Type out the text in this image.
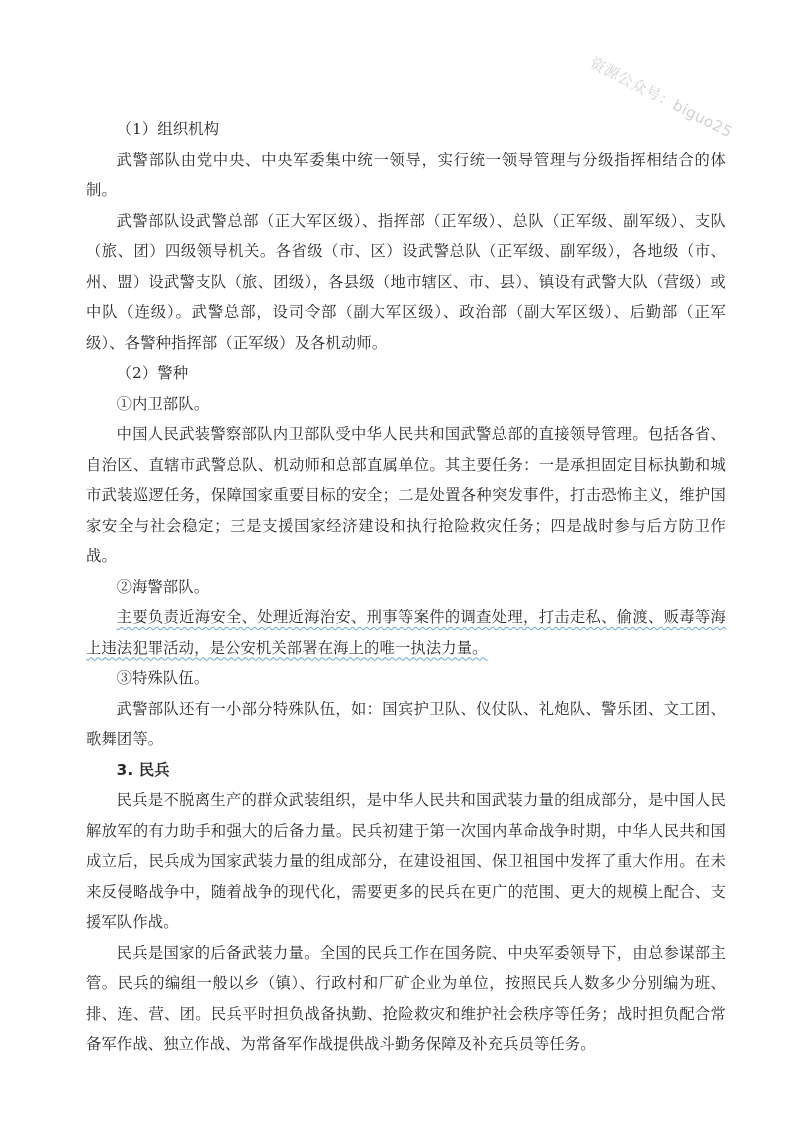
资源公众号：biguo25

（1）组织机构

武警部队由党中央、中央军委集中统一领导，实行统一领导管理与分级指挥相结合的体制。

武警部队设武警总部（正大军区级）、指挥部（正军级）、总队（正军级、副军级）、支队（旅、团）四级领导机关。各省级（市、区）设武警总队（正军级、副军级），各地级（市、州、盟）设武警支队（旅、团级），各县级（地市辖区、市、县）、镇设有武警大队（营级）或中队（连级）。武警总部，设司令部（副大军区级）、政治部（副大军区级）、后勤部（正军级）、各警种指挥部（正军级）及各机动师。

（2）警种

①内卫部队。

中国人民武装警察部队内卫部队受中华人民共和国武警总部的直接领导管理。包括各省、自治区、直辖市武警总队、机动师和总部直属单位。其主要任务：一是承担固定目标执勤和城市武装巡逻任务，保障国家重要目标的安全；二是处置各种突发事件，打击恐怖主义，维护国家安全与社会稳定；三是支援国家经济建设和执行抢险救灾任务；四是战时参与后方防卫作战。

②海警部队。

主要负责近海安全、处理近海治安、刑事等案件的调查处理，打击走私、偷渡、贩毒等海上违法犯罪活动，是公安机关部署在海上的唯一执法力量。

③特殊队伍。

武警部队还有一小部分特殊队伍，如：国宾护卫队、仪仗队、礼炮队、警乐团、文工团、歌舞团等。

3. 民兵

民兵是不脱离生产的群众武装组织，是中华人民共和国武装力量的组成部分，是中国人民解放军的有力助手和强大的后备力量。民兵初建于第一次国内革命战争时期，中华人民共和国成立后，民兵成为国家武装力量的组成部分，在建设祖国、保卫祖国中发挥了重大作用。在未来反侵略战争中，随着战争的现代化，需要更多的民兵在更广的范围、更大的规模上配合、支援军队作战。

民兵是国家的后备武装力量。全国的民兵工作在国务院、中央军委领导下，由总参谋部主管。民兵的编组一般以乡（镇）、行政村和厂矿企业为单位，按照民兵人数多少分别编为班、排、连、营、团。民兵平时担负战备执勤、抢险救灾和维护社会秩序等任务；战时担负配合常备军作战、独立作战、为常备军作战提供战斗勤务保障及补充兵员等任务。
